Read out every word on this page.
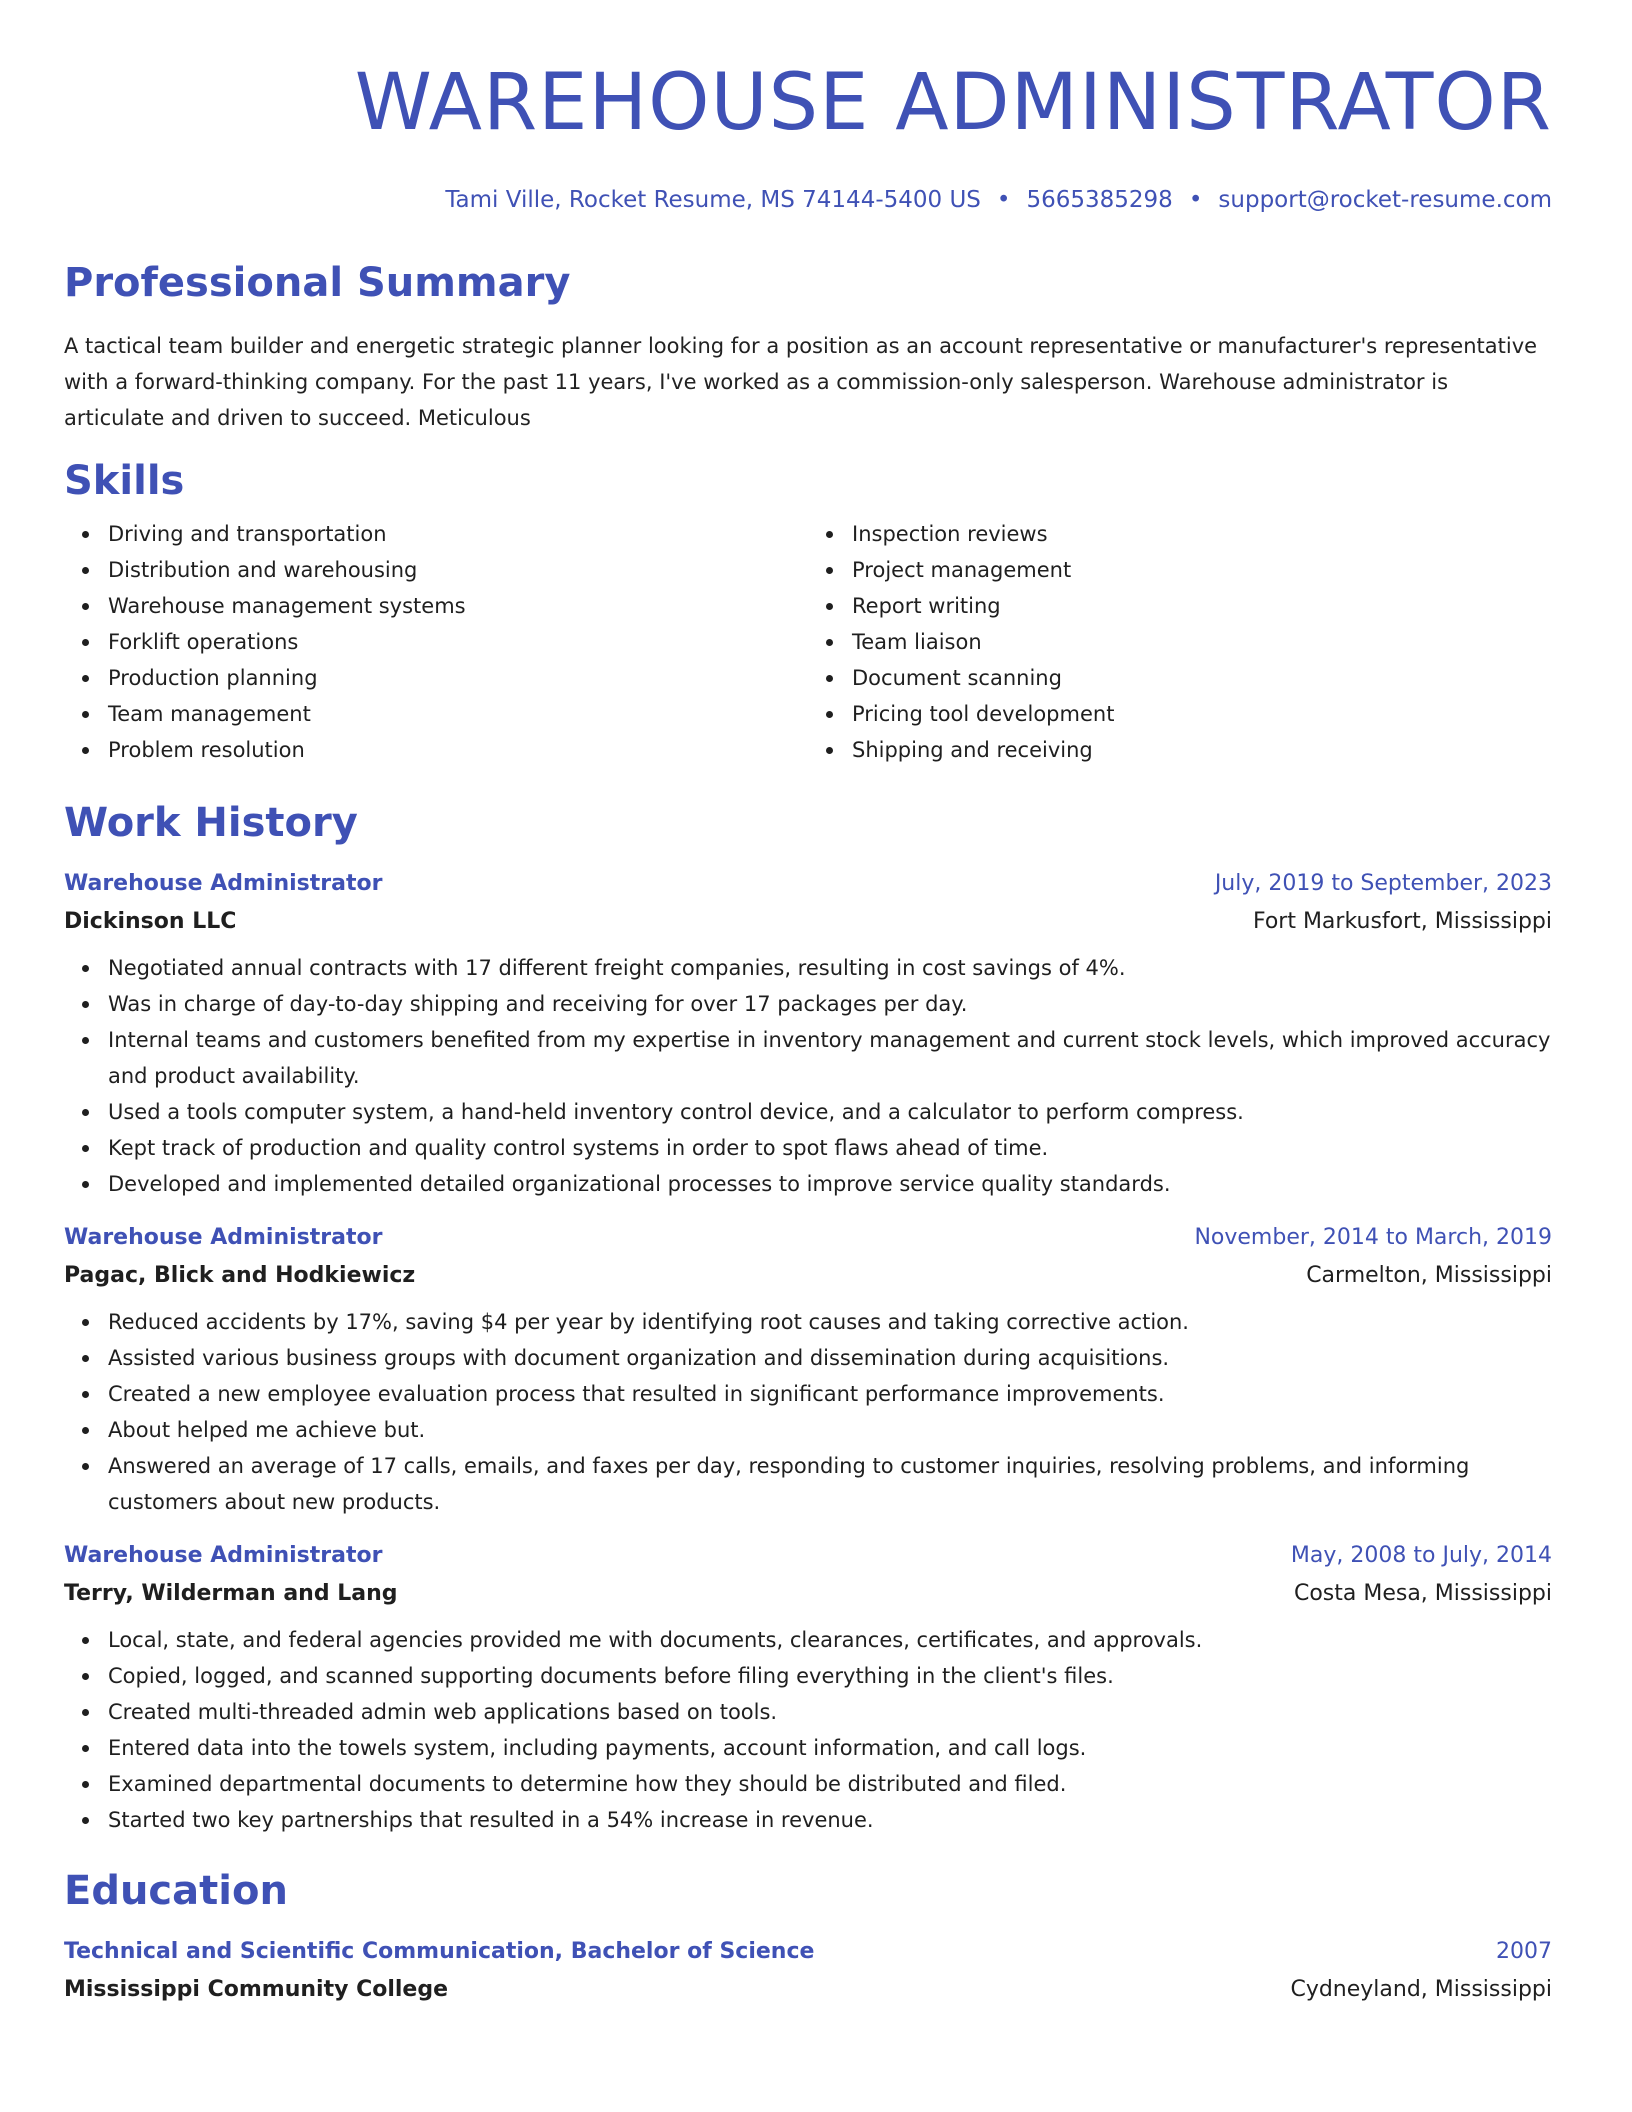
WAREHOUSE ADMINISTRATOR
Tami Ville, Rocket Resume, MS 74144-5400 US • 5665385298 • support@rocket-resume.com
Professional Summary
A tactical team builder and energetic strategic planner looking for a position as an account representative or manufacturer's representative with a forward-thinking company. For the past 11 years, I've worked as a commission-only salesperson. Warehouse administrator is articulate and driven to succeed. Meticulous
Skills
Driving and transportation
Distribution and warehousing
Warehouse management systems
Forklift operations
Production planning
Team management
Problem resolution
Inspection reviews
Project management
Report writing
Team liaison
Document scanning
Pricing tool development
Shipping and receiving
Work History
Warehouse Administrator	July, 2019 to September, 2023
Dickinson LLC	Fort Markusfort, Mississippi
Negotiated annual contracts with 17 different freight companies, resulting in cost savings of 4%.
Was in charge of day-to-day shipping and receiving for over 17 packages per day.
Internal teams and customers benefited from my expertise in inventory management and current stock levels, which improved accuracy and product availability.
Used a tools computer system, a hand-held inventory control device, and a calculator to perform compress.
Kept track of production and quality control systems in order to spot flaws ahead of time.
Developed and implemented detailed organizational processes to improve service quality standards.
Warehouse Administrator	November, 2014 to March, 2019
Pagac, Blick and Hodkiewicz	Carmelton, Mississippi
Reduced accidents by 17%, saving $4 per year by identifying root causes and taking corrective action.
Assisted various business groups with document organization and dissemination during acquisitions.
Created a new employee evaluation process that resulted in significant performance improvements.
About helped me achieve but.
Answered an average of 17 calls, emails, and faxes per day, responding to customer inquiries, resolving problems, and informing customers about new products.
Warehouse Administrator	May, 2008 to July, 2014
Terry, Wilderman and Lang	Costa Mesa, Mississippi
Local, state, and federal agencies provided me with documents, clearances, certificates, and approvals.
Copied, logged, and scanned supporting documents before filing everything in the client's files.
Created multi-threaded admin web applications based on tools.
Entered data into the towels system, including payments, account information, and call logs.
Examined departmental documents to determine how they should be distributed and filed.
Started two key partnerships that resulted in a 54% increase in revenue.
Education
Technical and Scientific Communication, Bachelor of Science	2007
Mississippi Community College	Cydneyland, Mississippi
